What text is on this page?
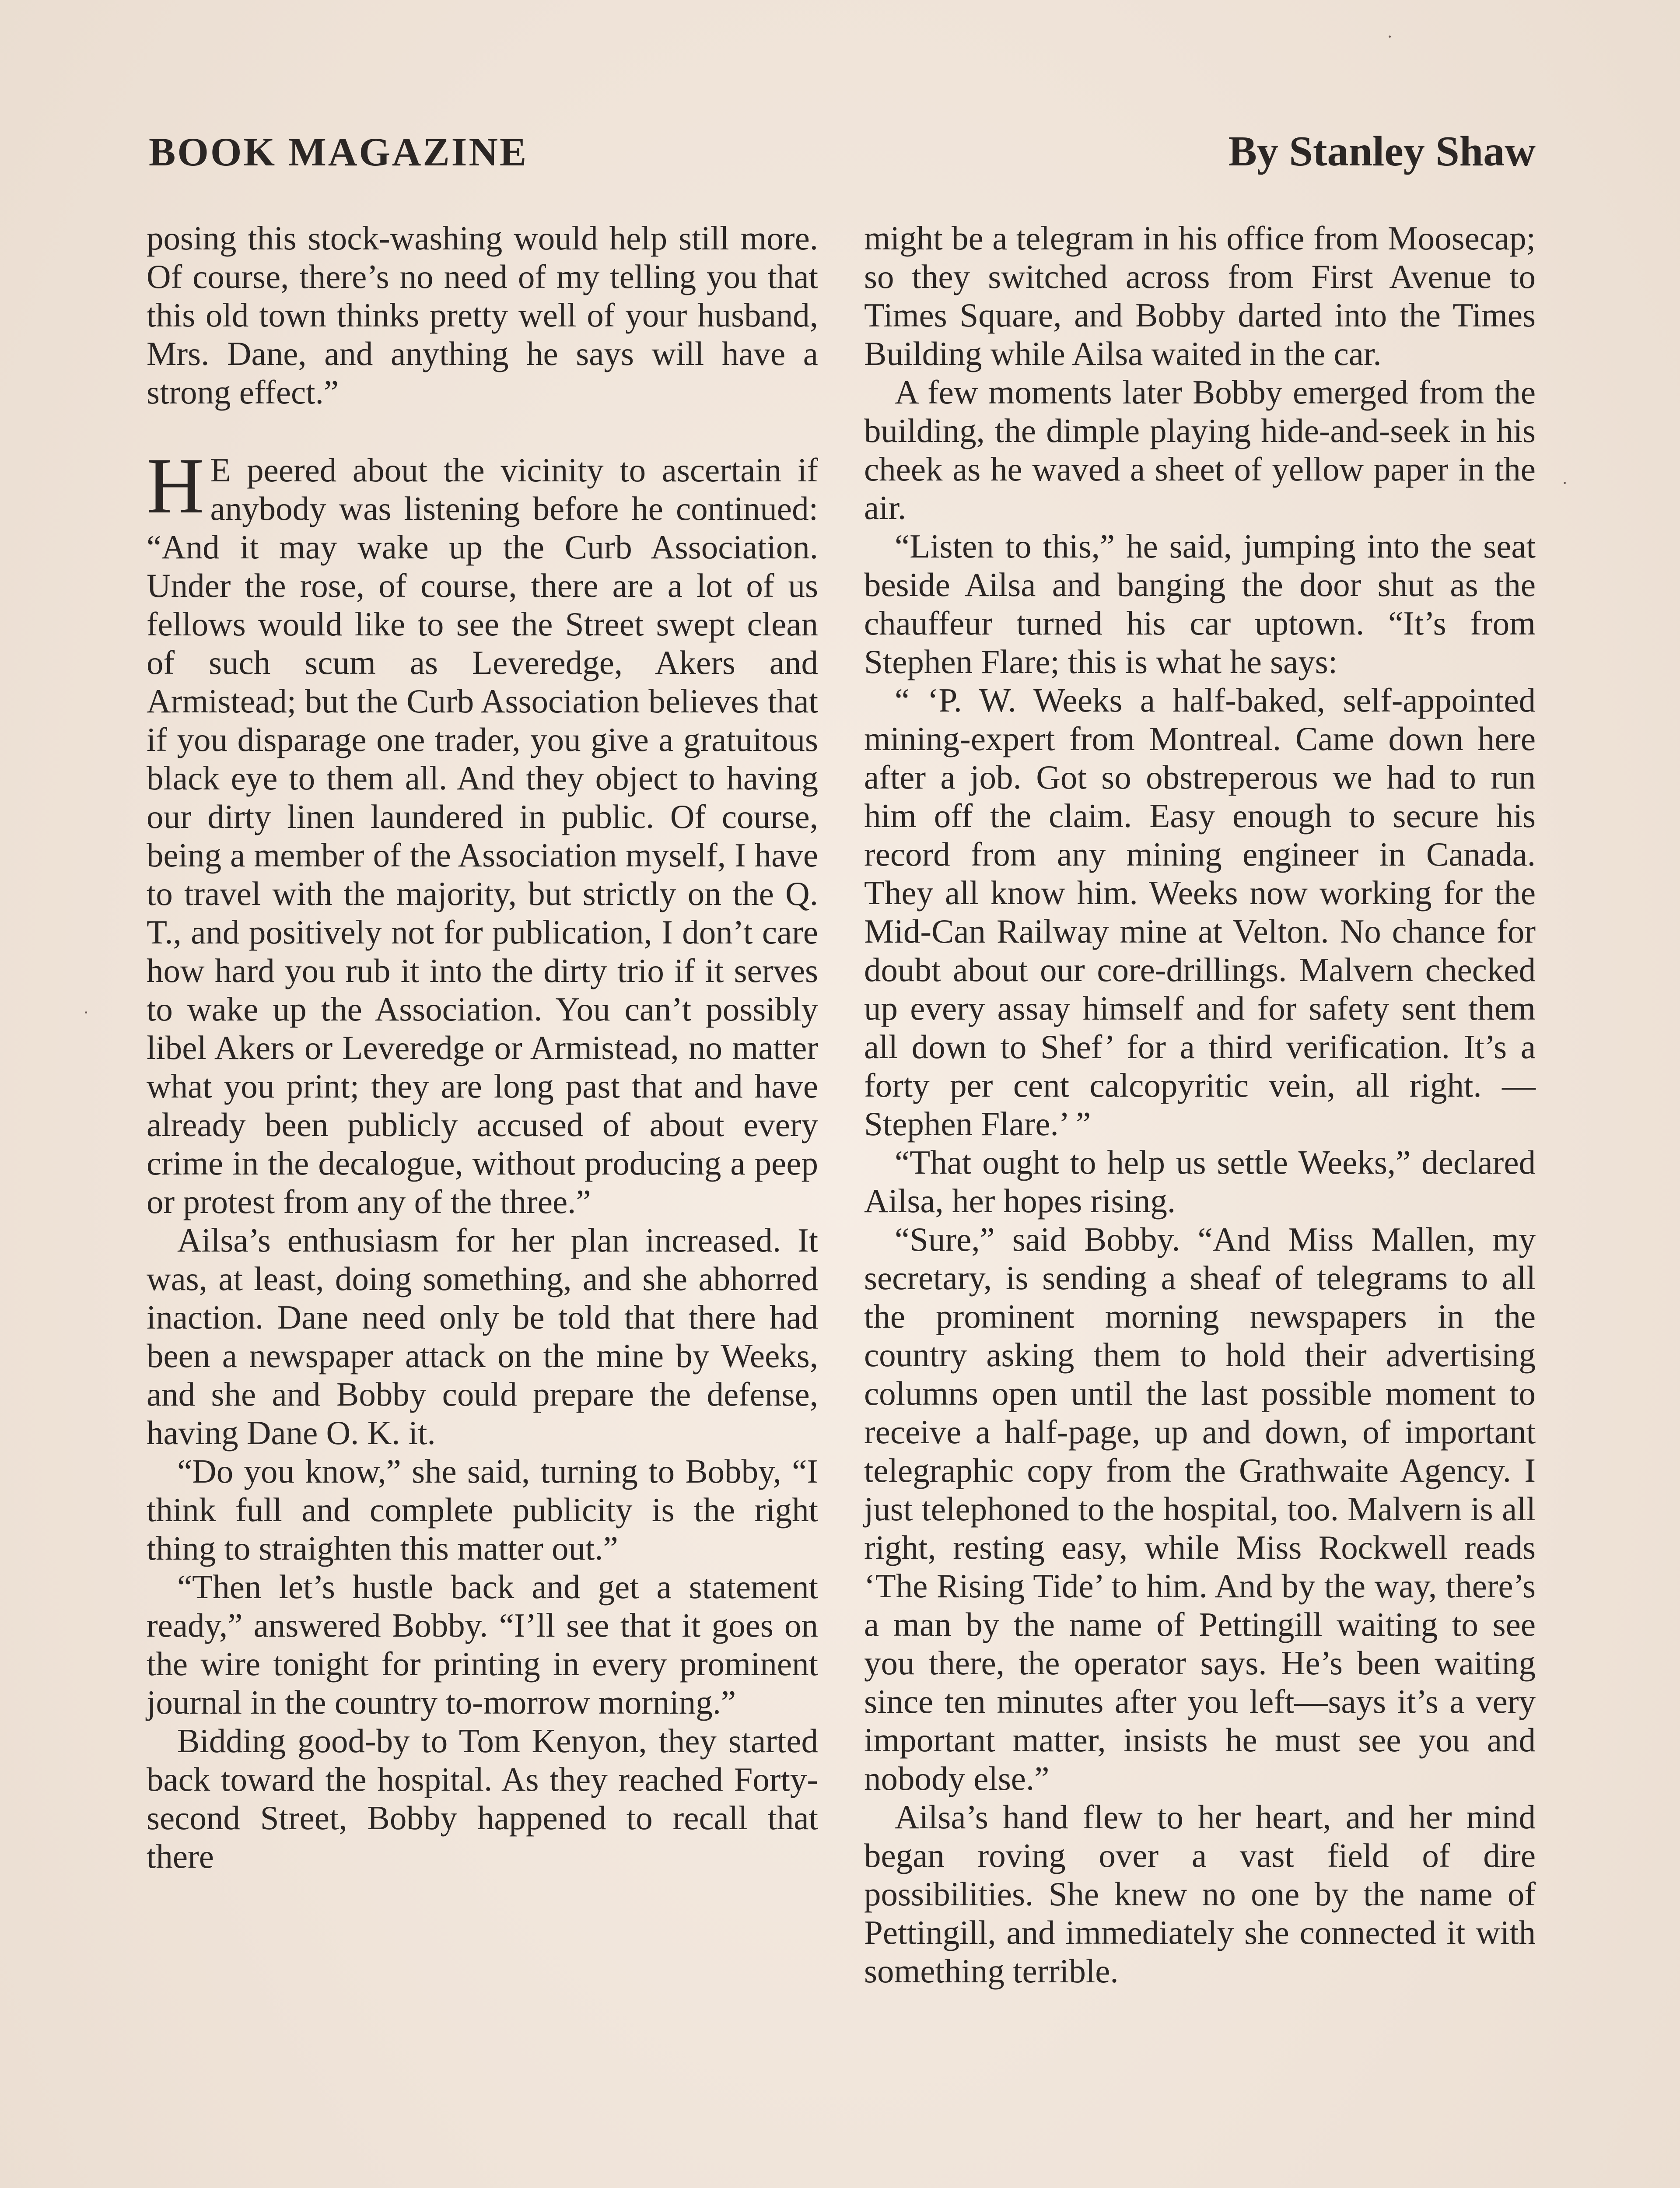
BOOK MAGAZINE	By Stanley Shaw

posing this stock-washing would help still more. Of course, there’s no need of my telling you that this old town thinks pretty well of your husband, Mrs. Dane, and anything he says will have a strong effect.”

H E peered about the vicinity to ascertain if anybody was listening before he continued: “And it may wake up the Curb Association. Under the rose, of course, there are a lot of us fellows would like to see the Street swept clean of such scum as Leveredge, Akers and Armistead; but the Curb Association believes that if you disparage one trader, you give a gratuitous black eye to them all. And they object to having our dirty linen laundered in public. Of course, being a member of the Association myself, I have to travel with the majority, but strictly on the Q. T., and positively not for publication, I don’t care how hard you rub it into the dirty trio if it serves to wake up the Association. You can’t possibly libel Akers or Leveredge or Armistead, no matter what you print; they are long past that and have already been publicly accused of about every crime in the decalogue, without producing a peep or protest from any of the three.”

Ailsa’s enthusiasm for her plan increased. It was, at least, doing something, and she abhorred inaction. Dane need only be told that there had been a newspaper attack on the mine by Weeks, and she and Bobby could prepare the defense, having Dane O. K. it.

“Do you know,” she said, turning to Bobby, “I think full and complete publicity is the right thing to straighten this matter out.”

“Then let’s hustle back and get a statement ready,” answered Bobby. “I’ll see that it goes on the wire tonight for printing in every prominent journal in the country to-morrow morning.”

Bidding good-by to Tom Kenyon, they started back toward the hospital. As they reached Forty-second Street, Bobby happened to recall that there

might be a telegram in his office from Moosecap; so they switched across from First Avenue to Times Square, and Bobby darted into the Times Building while Ailsa waited in the car.

A few moments later Bobby emerged from the building, the dimple playing hide-and-seek in his cheek as he waved a sheet of yellow paper in the air.

“Listen to this,” he said, jumping into the seat beside Ailsa and banging the door shut as the chauffeur turned his car uptown. “It’s from Stephen Flare; this is what he says:

“ ‘P. W. Weeks a half-baked, self-appointed mining-expert from Montreal. Came down here after a job. Got so obstreperous we had to run him off the claim. Easy enough to secure his record from any mining engineer in Canada. They all know him. Weeks now working for the Mid-Can Railway mine at Velton. No chance for doubt about our core-drillings. Malvern checked up every assay himself and for safety sent them all down to Shef’ for a third verification. It’s a forty per cent calcopyritic vein, all right. —Stephen Flare.’ ”

“That ought to help us settle Weeks,” declared Ailsa, her hopes rising.

“Sure,” said Bobby. “And Miss Mallen, my secretary, is sending a sheaf of telegrams to all the prominent morning newspapers in the country asking them to hold their advertising columns open until the last possible moment to receive a half-page, up and down, of important telegraphic copy from the Grathwaite Agency. I just telephoned to the hospital, too. Malvern is all right, resting easy, while Miss Rockwell reads ‘The Rising Tide’ to him. And by the way, there’s a man by the name of Pettingill waiting to see you there, the operator says. He’s been waiting since ten minutes after you left—says it’s a very important matter, insists he must see you and nobody else.”

Ailsa’s hand flew to her heart, and her mind began roving over a vast field of dire possibilities. She knew no one by the name of Pettingill, and immediately she connected it with something terrible.

·
·
·
